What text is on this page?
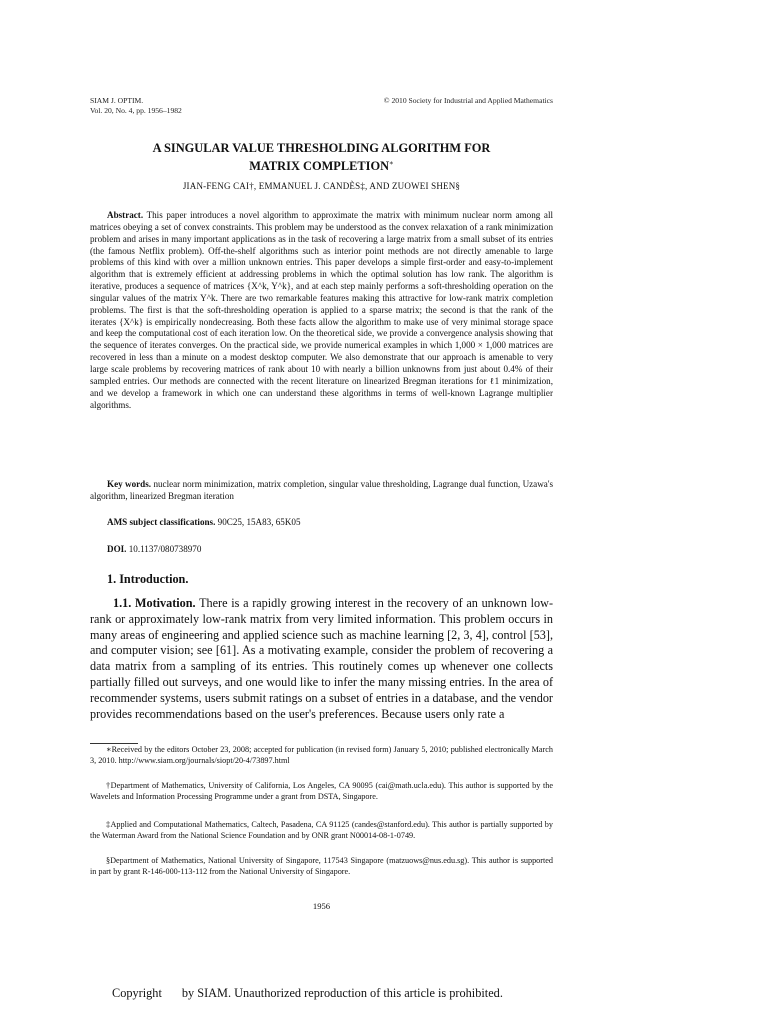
SIAM J. OPTIM.
Vol. 20, No. 4, pp. 1956–1982
© 2010 Society for Industrial and Applied Mathematics
A SINGULAR VALUE THRESHOLDING ALGORITHM FOR
MATRIX COMPLETION∗
JIAN-FENG CAI†, EMMANUEL J. CANDÈS‡, AND ZUOWEI SHEN§
Abstract. This paper introduces a novel algorithm to approximate the matrix with minimum nuclear norm among all matrices obeying a set of convex constraints. This problem may be understood as the convex relaxation of a rank minimization problem and arises in many important applications as in the task of recovering a large matrix from a small subset of its entries (the famous Netflix problem). Off-the-shelf algorithms such as interior point methods are not directly amenable to large problems of this kind with over a million unknown entries. This paper develops a simple first-order and easy-to-implement algorithm that is extremely efficient at addressing problems in which the optimal solution has low rank. The algorithm is iterative, produces a sequence of matrices {X^k, Y^k}, and at each step mainly performs a soft-thresholding operation on the singular values of the matrix Y^k. There are two remarkable features making this attractive for low-rank matrix completion problems. The first is that the soft-thresholding operation is applied to a sparse matrix; the second is that the rank of the iterates {X^k} is empirically nondecreasing. Both these facts allow the algorithm to make use of very minimal storage space and keep the computational cost of each iteration low. On the theoretical side, we provide a convergence analysis showing that the sequence of iterates converges. On the practical side, we provide numerical examples in which 1,000 × 1,000 matrices are recovered in less than a minute on a modest desktop computer. We also demonstrate that our approach is amenable to very large scale problems by recovering matrices of rank about 10 with nearly a billion unknowns from just about 0.4% of their sampled entries. Our methods are connected with the recent literature on linearized Bregman iterations for ℓ1 minimization, and we develop a framework in which one can understand these algorithms in terms of well-known Lagrange multiplier algorithms.
Key words. nuclear norm minimization, matrix completion, singular value thresholding, Lagrange dual function, Uzawa's algorithm, linearized Bregman iteration
AMS subject classifications. 90C25, 15A83, 65K05
DOI. 10.1137/080738970
1. Introduction.
1.1. Motivation. There is a rapidly growing interest in the recovery of an unknown low-rank or approximately low-rank matrix from very limited information. This problem occurs in many areas of engineering and applied science such as machine learning [2, 3, 4], control [53], and computer vision; see [61]. As a motivating example, consider the problem of recovering a data matrix from a sampling of its entries. This routinely comes up whenever one collects partially filled out surveys, and one would like to infer the many missing entries. In the area of recommender systems, users submit ratings on a subset of entries in a database, and the vendor provides recommendations based on the user's preferences. Because users only rate a
∗Received by the editors October 23, 2008; accepted for publication (in revised form) January 5, 2010; published electronically March 3, 2010. http://www.siam.org/journals/siopt/20-4/73897.html
†Department of Mathematics, University of California, Los Angeles, CA 90095 (cai@math.ucla.edu). This author is supported by the Wavelets and Information Processing Programme under a grant from DSTA, Singapore.
‡Applied and Computational Mathematics, Caltech, Pasadena, CA 91125 (candes@stanford.edu). This author is partially supported by the Waterman Award from the National Science Foundation and by ONR grant N00014-08-1-0749.
§Department of Mathematics, National University of Singapore, 117543 Singapore (matzuows@nus.edu.sg). This author is supported in part by grant R-146-000-113-112 from the National University of Singapore.
1956
Copyright by SIAM. Unauthorized reproduction of this article is prohibited.
